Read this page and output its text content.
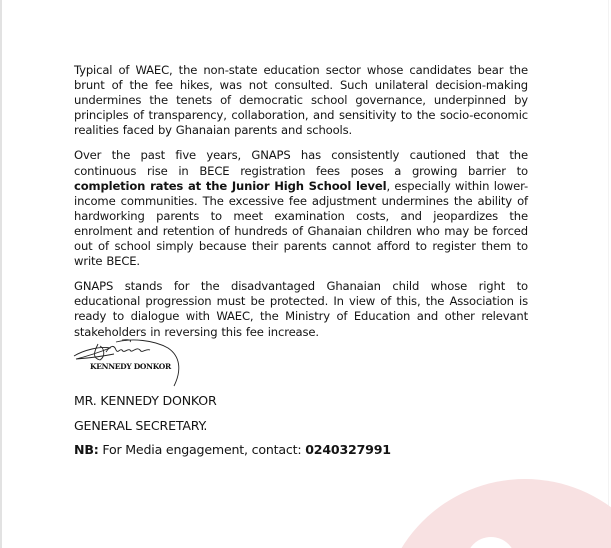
Typical of WAEC, the non-state education sector whose candidates bear the brunt of the fee hikes, was not consulted. Such unilateral decision-making undermines the tenets of democratic school governance, underpinned by principles of transparency, collaboration, and sensitivity to the socio-economic realities faced by Ghanaian parents and schools.

Over the past five years, GNAPS has consistently cautioned that the continuous rise in BECE registration fees poses a growing barrier to completion rates at the Junior High School level, especially within lower-income communities. The excessive fee adjustment undermines the ability of hardworking parents to meet examination costs, and jeopardizes the enrolment and retention of hundreds of Ghanaian children who may be forced out of school simply because their parents cannot afford to register them to write BECE.

GNAPS stands for the disadvantaged Ghanaian child whose right to educational progression must be protected. In view of this, the Association is ready to dialogue with WAEC, the Ministry of Education and other relevant stakeholders in reversing this fee increase.

KENNEDY DONKOR
MR. KENNEDY DONKOR
GENERAL SECRETARY.
NB: For Media engagement, contact: 0240327991
